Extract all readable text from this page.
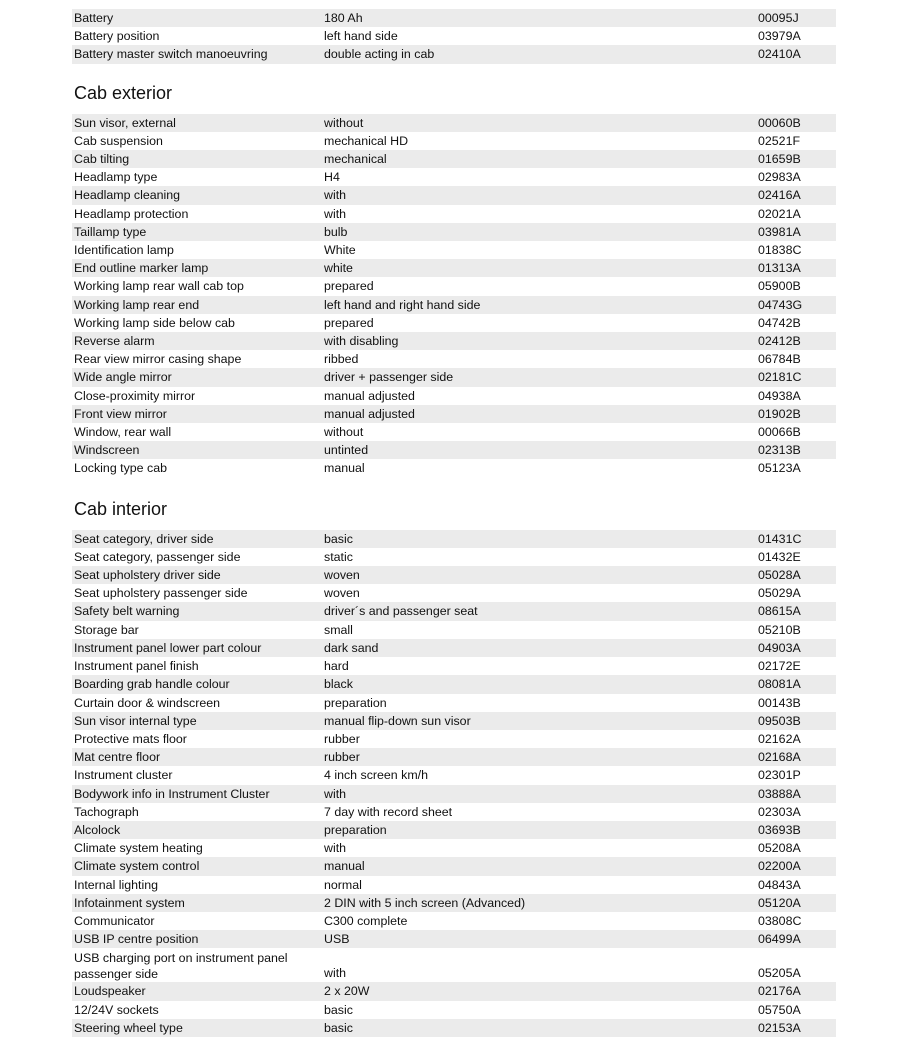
Battery	180 Ah	00095J
Battery position	left hand side	03979A
Battery master switch manoeuvring	double acting in cab	02410A
Cab exterior
Sun visor, external	without	00060B
Cab suspension	mechanical HD	02521F
Cab tilting	mechanical	01659B
Headlamp type	H4	02983A
Headlamp cleaning	with	02416A
Headlamp protection	with	02021A
Taillamp type	bulb	03981A
Identification lamp	White	01838C
End outline marker lamp	white	01313A
Working lamp rear wall cab top	prepared	05900B
Working lamp rear end	left hand and right hand side	04743G
Working lamp side below cab	prepared	04742B
Reverse alarm	with disabling	02412B
Rear view mirror casing shape	ribbed	06784B
Wide angle mirror	driver + passenger side	02181C
Close-proximity mirror	manual adjusted	04938A
Front view mirror	manual adjusted	01902B
Window, rear wall	without	00066B
Windscreen	untinted	02313B
Locking type cab	manual	05123A
Cab interior
Seat category, driver side	basic	01431C
Seat category, passenger side	static	01432E
Seat upholstery driver side	woven	05028A
Seat upholstery passenger side	woven	05029A
Safety belt warning	driver´s and passenger seat	08615A
Storage bar	small	05210B
Instrument panel lower part colour	dark sand	04903A
Instrument panel finish	hard	02172E
Boarding grab handle colour	black	08081A
Curtain door & windscreen	preparation	00143B
Sun visor internal type	manual flip-down sun visor	09503B
Protective mats floor	rubber	02162A
Mat centre floor	rubber	02168A
Instrument cluster	4 inch screen km/h	02301P
Bodywork info in Instrument Cluster	with	03888A
Tachograph	7 day with record sheet	02303A
Alcolock	preparation	03693B
Climate system heating	with	05208A
Climate system control	manual	02200A
Internal lighting	normal	04843A
Infotainment system	2 DIN with 5 inch screen (Advanced)	05120A
Communicator	C300 complete	03808C
USB IP centre position	USB	06499A
USB charging port on instrument panel passenger side	with	05205A
Loudspeaker	2 x 20W	02176A
12/24V sockets	basic	05750A
Steering wheel type	basic	02153A
